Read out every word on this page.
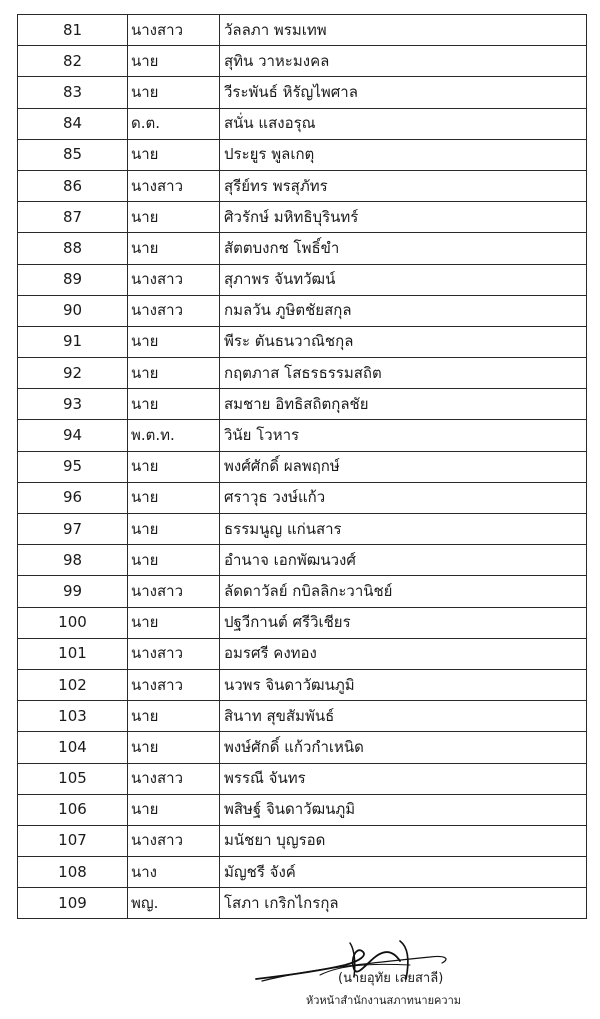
81	นางสาว	วัลลภา พรมเทพ
82	นาย	สุทิน วาหะมงคล
83	นาย	วีระพันธ์ หิรัญไพศาล
84	ด.ต.	สนั่น แสงอรุณ
85	นาย	ประยูร พูลเกตุ
86	นางสาว	สุรีย์ทร พรสุภัทร
87	นาย	ศิวรักษ์ มหิทธิบุรินทร์
88	นาย	สัตตบงกช โพธิ์ขำ
89	นางสาว	สุภาพร จันทวัฒน์
90	นางสาว	กมลวัน ภูษิตชัยสกุล
91	นาย	พีระ ตันธนวาณิชกุล
92	นาย	กฤตภาส โสธรธรรมสถิต
93	นาย	สมชาย อิทธิสถิตกุลชัย
94	พ.ต.ท.	วินัย โวหาร
95	นาย	พงศ์ศักดิ์ ผลพฤกษ์
96	นาย	ศราวุธ วงษ์แก้ว
97	นาย	ธรรมนูญ แก่นสาร
98	นาย	อำนาจ เอกพัฒนวงศ์
99	นางสาว	ลัดดาวัลย์ กบิลลิกะวานิชย์
100	นาย	ปฐวีกานต์ ศรีวิเชียร
101	นางสาว	อมรศรี คงทอง
102	นางสาว	นวพร จินดาวัฒนภูมิ
103	นาย	สินาท สุขสัมพันธ์
104	นาย	พงษ์ศักดิ์ แก้วกำเหนิด
105	นางสาว	พรรณี จันทร
106	นาย	พสิษฐ์ จินดาวัฒนภูมิ
107	นางสาว	มนัชยา บุญรอด
108	นาง	มัญชรี จังค์
109	พญ.	โสภา เกริกไกรกุล
(นายอุทัย เสยสาลี)
หัวหน้าสำนักงานสภาทนายความ
